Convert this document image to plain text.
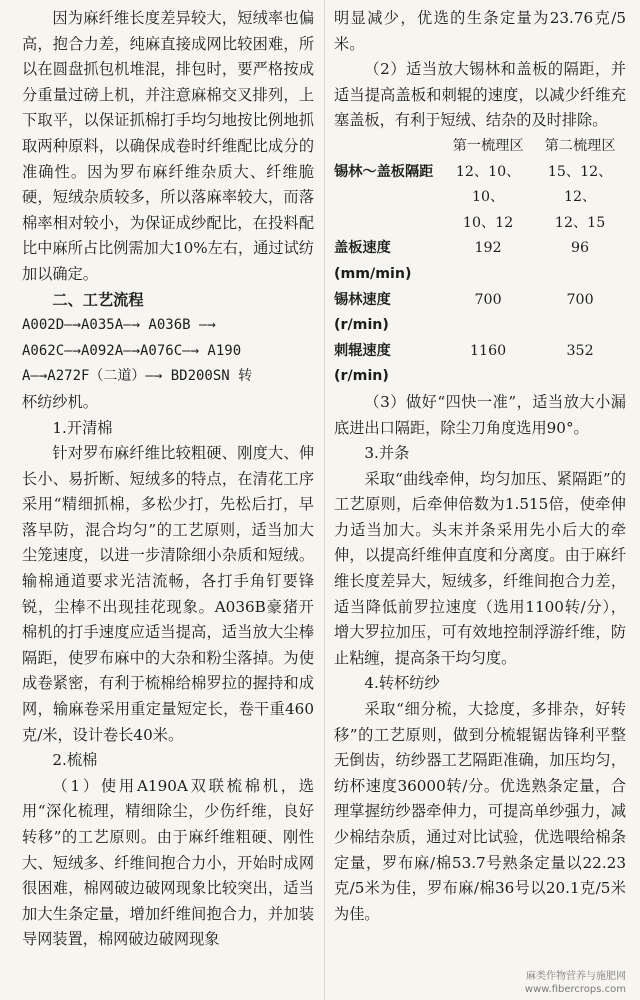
因为麻纤维长度差异较大，短绒率也偏高，抱合力差，纯麻直接成网比较困难，所以在圆盘抓包机堆混，排包时，要严格按成分重量过磅上机，并注意麻棉交叉排列，上下取平，以保证抓棉打手均匀地按比例地抓取两种原料，以确保成卷时纤维配比成分的准确性。因为罗布麻纤维杂质大、纤维脆硬，短绒杂质较多，所以落麻率较大，而落棉率相对较小，为保证成纱配比，在投料配比中麻所占比例需加大10%左右，通过试纺加以确定。

二、工艺流程

A002D—→A035A—→ A036B —→

A062C—→A092A—→A076C—→ A190

A—→A272F（二道）—→ BD200SN 转

杯纺纱机。

1.开清棉

针对罗布麻纤维比较粗硬、刚度大、伸长小、易折断、短绒多的特点，在清花工序采用“精细抓棉，多松少打，先松后打，早落早防，混合均匀”的工艺原则，适当加大尘笼速度，以进一步清除细小杂质和短绒。输棉通道要求光洁流畅，各打手角钉要锋锐，尘棒不出现挂花现象。A036B豪猪开棉机的打手速度应适当提高，适当放大尘棒隔距，使罗布麻中的大杂和粉尘落掉。为使成卷紧密，有利于梳棉给棉罗拉的握持和成网，输麻卷采用重定量短定长，卷干重460克/米，设计卷长40米。

2.梳棉

（1）使用A190A双联梳棉机，选用“深化梳理，精细除尘，少伤纤维，良好转移”的工艺原则。由于麻纤维粗硬、刚性大、短绒多、纤维间抱合力小，开始时成网很困难，棉网破边破网现象比较突出，适当加大生条定量，增加纤维间抱合力，并加装导网装置，棉网破边破网现象

明显减少，优选的生条定量为23.76克/5米。

（2）适当放大锡林和盖板的隔距，并适当提高盖板和刺辊的速度，以减少纤维充塞盖板，有利于短绒、结杂的及时排除。

	第一梳理区	第二梳理区
锡林～盖板隔距	12、10、10、	15、12、12、
	10、12	12、15
盖板速度	192	96
(mm/min)		
锡林速度	700	700
(r/min)		
刺辊速度	1160	352
(r/min)		

（3）做好“四快一准”，适当放大小漏底进出口隔距，除尘刀角度选用90°。

3.并条

采取“曲线牵伸，均匀加压、紧隔距”的工艺原则，后牵伸倍数为1.515倍，使牵伸力适当加大。头末并条采用先小后大的牵伸，以提高纤维伸直度和分离度。由于麻纤维长度差异大，短绒多，纤维间抱合力差，适当降低前罗拉速度（选用1100转/分），增大罗拉加压，可有效地控制浮游纤维，防止粘缠，提高条干均匀度。

4.转杯纺纱

采取“细分梳，大捻度，多排杂，好转移”的工艺原则，做到分梳辊锯齿锋利平整无倒齿，纺纱器工艺隔距准确，加压均匀，纺杯速度36000转/分。优选熟条定量，合理掌握纺纱器牵伸力，可提高单纱强力，减少棉结杂质，通过对比试验，优选喂给棉条定量，罗布麻/棉53.7号熟条定量以22.23克/5米为佳，罗布麻/棉36号以20.1克/5米为佳。

麻类作物营养与施肥网
www.fibercrops.com
